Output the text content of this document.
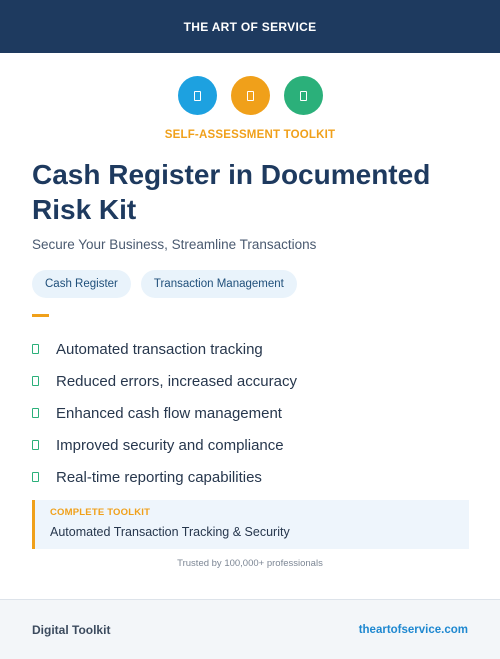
THE ART OF SERVICE
SELF-ASSESSMENT TOOLKIT
Cash Register in Documented Risk Kit

Secure Your Business, Streamline Transactions

Cash Register	Transaction Management
Automated transaction tracking
Reduced errors, increased accuracy
Enhanced cash flow management
Improved security and compliance
Real-time reporting capabilities
COMPLETE TOOLKIT
Automated Transaction Tracking & Security
Trusted by 100,000+ professionals
Digital Toolkit	theartofservice.com
